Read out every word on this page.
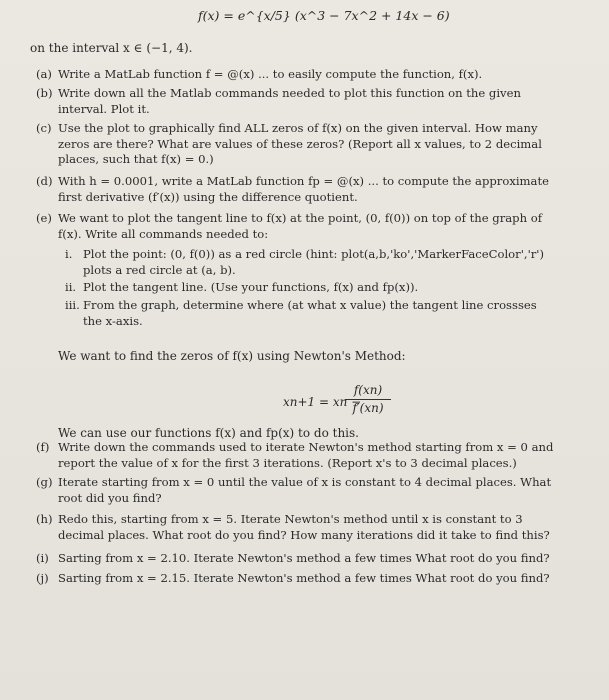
f(x) = e^{x/5} (x^3 − 7x^2 + 14x − 6)
on the interval x ∈ (−1, 4).
(a) Write a MatLab function f = @(x) ... to easily compute the function, f(x).
(b) Write down all the Matlab commands needed to plot this function on the given interval. Plot it.
(c) Use the plot to graphically find ALL zeros of f(x) on the given interval. How many zeros are there? What are values of these zeros? (Report all x values, to 2 decimal places, such that f(x) = 0.)
(d) With h = 0.0001, write a MatLab function fp = @(x) ... to compute the approximate first derivative (f′(x)) using the difference quotient.
(e) We want to plot the tangent line to f(x) at the point, (0, f(0)) on top of the graph of f(x). Write all commands needed to:
i. Plot the point: (0, f(0)) as a red circle (hint: plot(a,b,'ko','MarkerFaceColor','r') plots a red circle at (a, b).
ii. Plot the tangent line. (Use your functions, f(x) and fp(x)).
iii. From the graph, determine where (at what x value) the tangent line crossses the x-axis.
We want to find the zeros of f(x) using Newton's Method:
xn+1 = xn −
$\frac{f(xn)}{f'(xn)}$
We can use our functions f(x) and fp(x) to do this.
(f) Write down the commands used to iterate Newton's method starting from x = 0 and report the value of x for the first 3 iterations. (Report x's to 3 decimal places.)
(g) Iterate starting from x = 0 until the value of x is constant to 4 decimal places. What root did you find?
(h) Redo this, starting from x = 5. Iterate Newton's method until x is constant to 3 decimal places. What root do you find? How many iterations did it take to find this?
(i) Sarting from x = 2.10. Iterate Newton's method a few times What root do you find?
(j) Sarting from x = 2.15. Iterate Newton's method a few times What root do you find?
